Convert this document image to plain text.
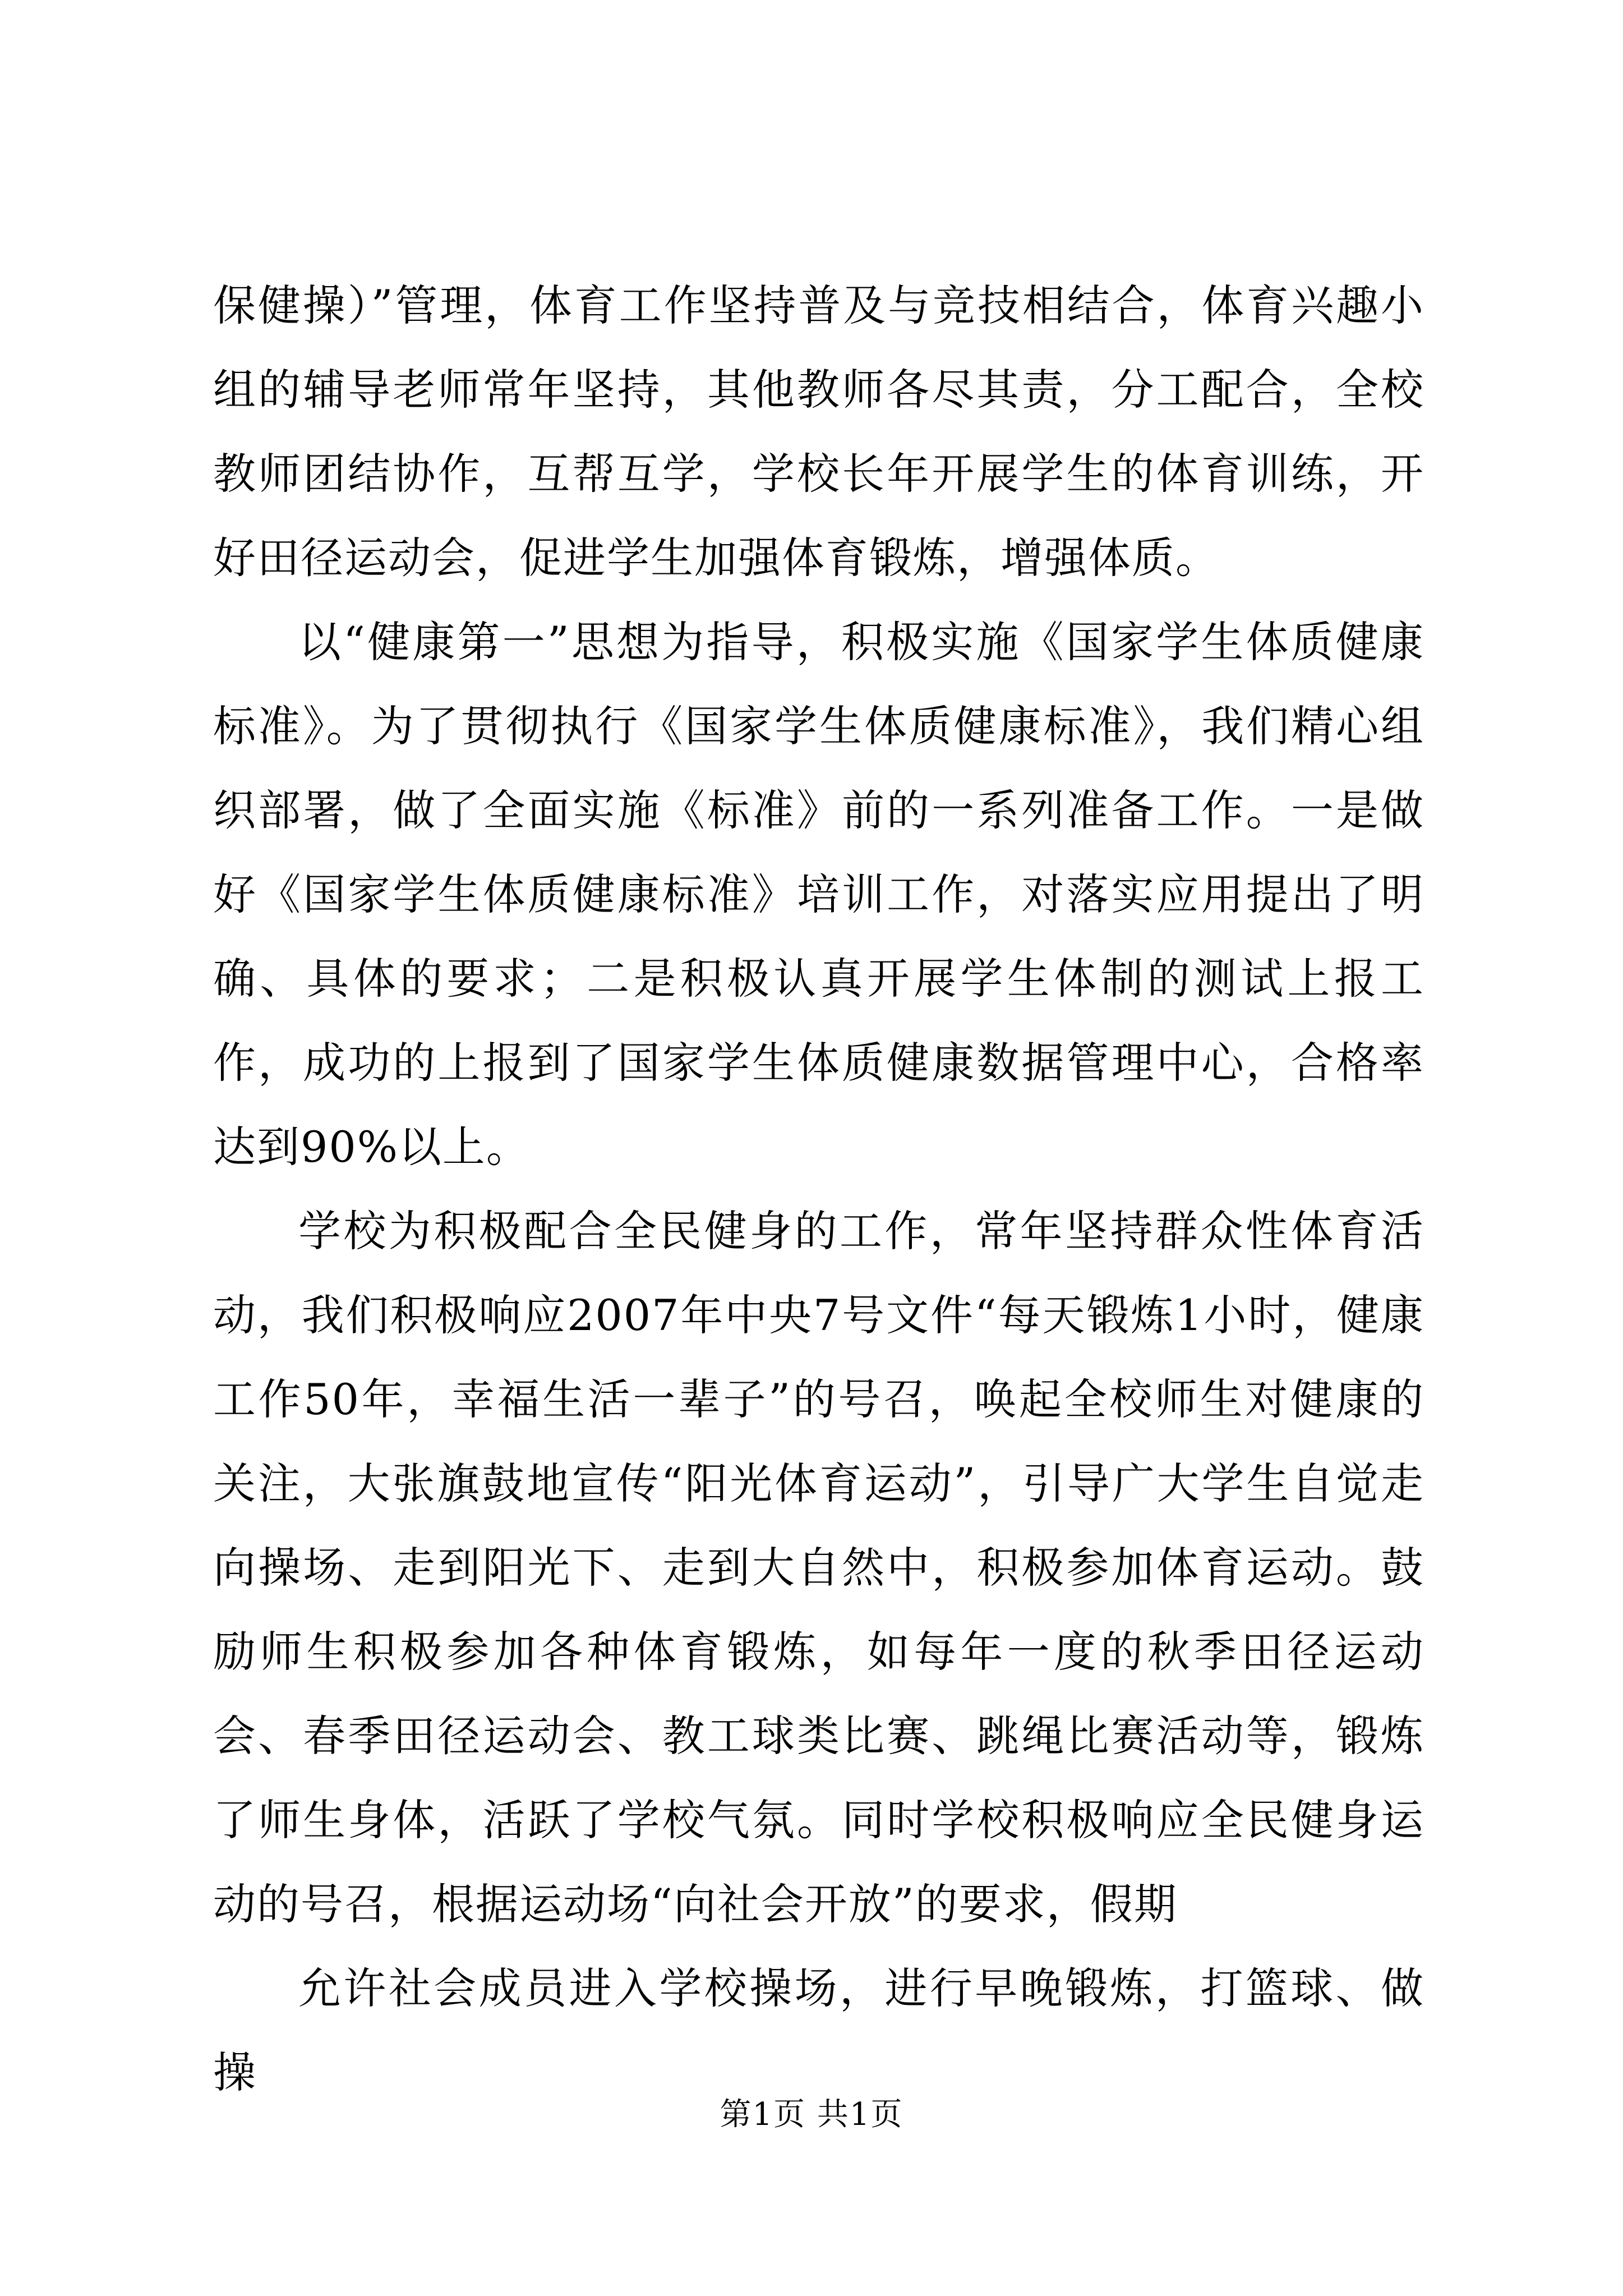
保健操）”管理，体育工作坚持普及与竞技相结合，体育兴趣小组的辅导老师常年坚持，其他教师各尽其责，分工配合，全校教师团结协作，互帮互学，学校长年开展学生的体育训练，开好田径运动会，促进学生加强体育锻炼，增强体质。

以“健康第一”思想为指导，积极实施《国家学生体质健康标准》。为了贯彻执行《国家学生体质健康标准》，我们精心组织部署，做了全面实施《标准》前的一系列准备工作。一是做好《国家学生体质健康标准》培训工作，对落实应用提出了明确、具体的要求；二是积极认真开展学生体制的测试上报工作，成功的上报到了国家学生体质健康数据管理中心，合格率达到90%以上。

学校为积极配合全民健身的工作，常年坚持群众性体育活动，我们积极响应2007年中央7号文件“每天锻炼1小时，健康工作50年，幸福生活一辈子”的号召，唤起全校师生对健康的关注，大张旗鼓地宣传“阳光体育运动”，引导广大学生自觉走向操场、走到阳光下、走到大自然中，积极参加体育运动。鼓励师生积极参加各种体育锻炼，如每年一度的秋季田径运动会、春季田径运动会、教工球类比赛、跳绳比赛活动等，锻炼了师生身体，活跃了学校气氛。同时学校积极响应全民健身运动的号召，根据运动场“向社会开放”的要求，假期

允许社会成员进入学校操场，进行早晚锻炼，打篮球、做操

第1页 共1页
